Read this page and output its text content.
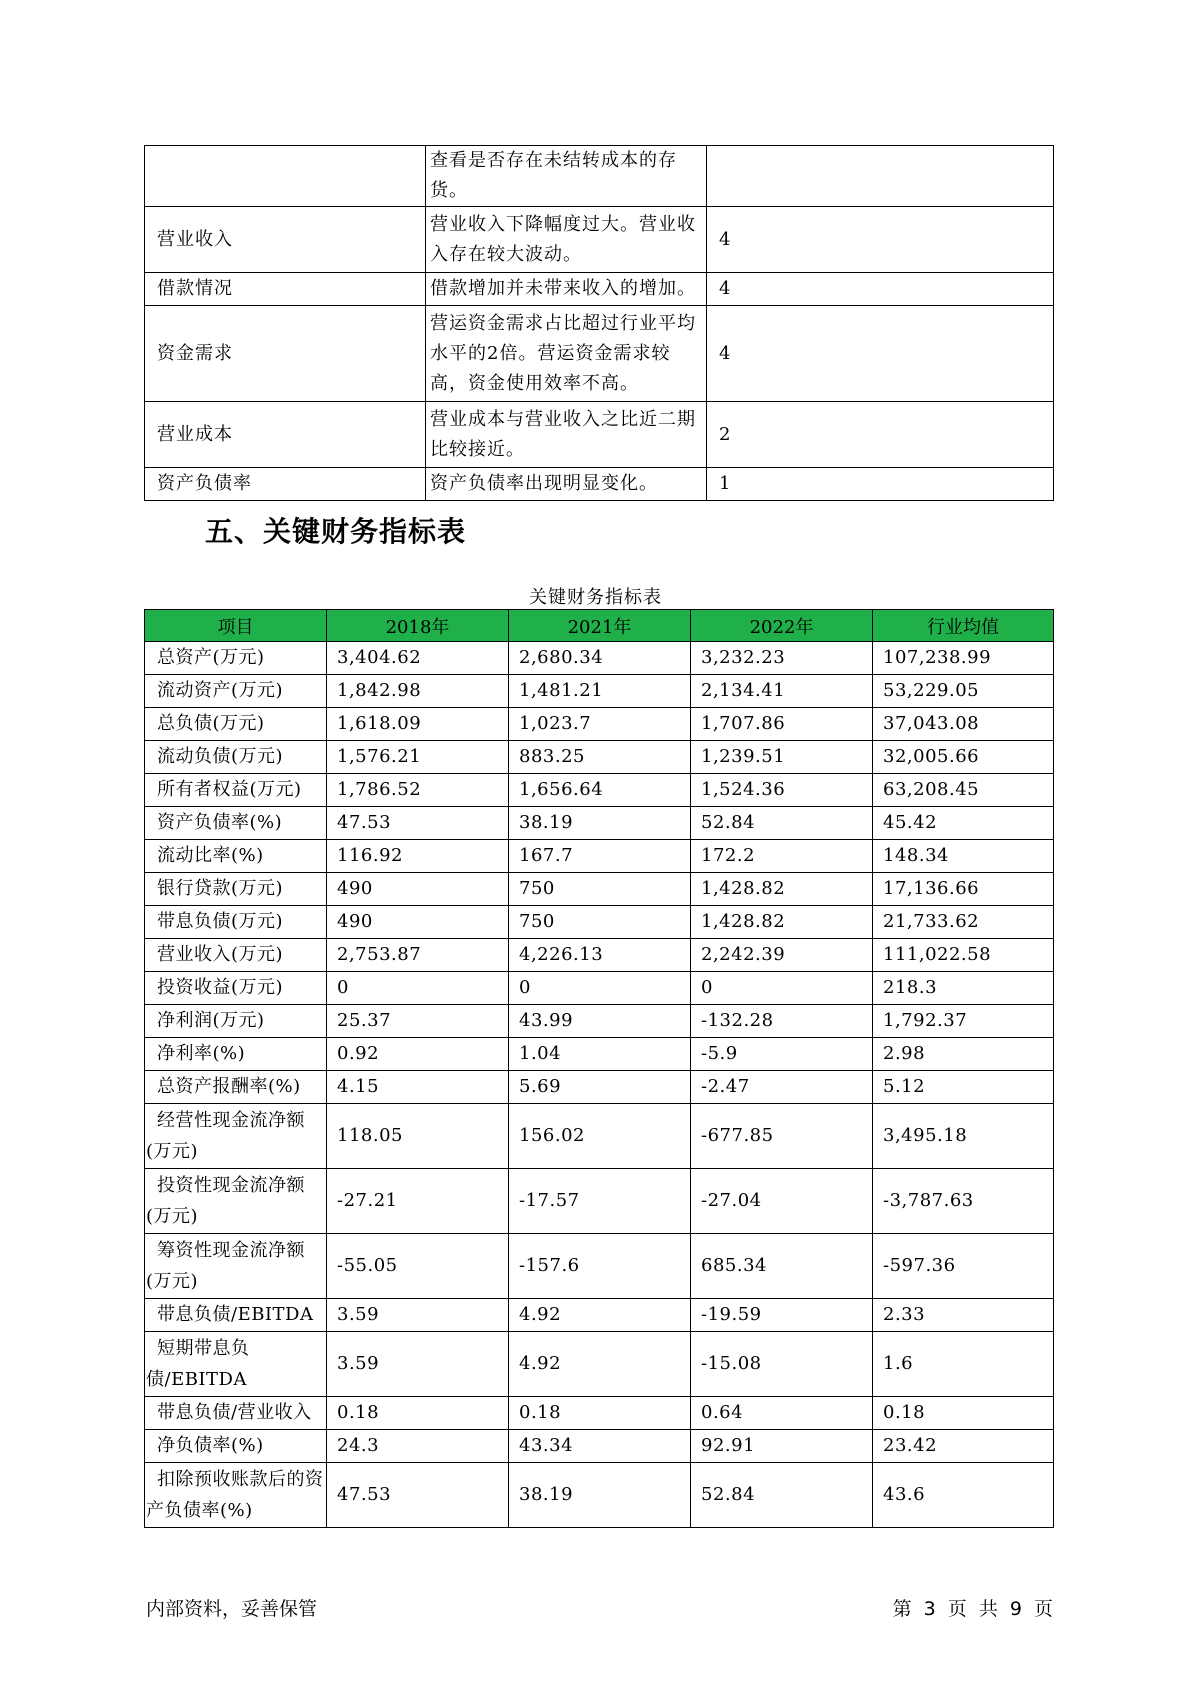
	查看是否存在未结转成本的存货。	
营业收入	营业收入下降幅度过大。营业收入存在较大波动。	4
借款情况	借款增加并未带来收入的增加。	4
资金需求	营运资金需求占比超过行业平均水平的2倍。营运资金需求较高，资金使用效率不高。	4
营业成本	营业成本与营业收入之比近二期比较接近。	2
资产负债率	资产负债率出现明显变化。	1
五、关键财务指标表
关键财务指标表
项目	2018年	2021年	2022年	行业均值
总资产(万元)	3,404.62	2,680.34	3,232.23	107,238.99
流动资产(万元)	1,842.98	1,481.21	2,134.41	53,229.05
总负债(万元)	1,618.09	1,023.7	1,707.86	37,043.08
流动负债(万元)	1,576.21	883.25	1,239.51	32,005.66
所有者权益(万元)	1,786.52	1,656.64	1,524.36	63,208.45
资产负债率(%)	47.53	38.19	52.84	45.42
流动比率(%)	116.92	167.7	172.2	148.34
银行贷款(万元)	490	750	1,428.82	17,136.66
带息负债(万元)	490	750	1,428.82	21,733.62
营业收入(万元)	2,753.87	4,226.13	2,242.39	111,022.58
投资收益(万元)	0	0	0	218.3
净利润(万元)	25.37	43.99	-132.28	1,792.37
净利率(%)	0.92	1.04	-5.9	2.98
总资产报酬率(%)	4.15	5.69	-2.47	5.12
经营性现金流净额(万元)	118.05	156.02	-677.85	3,495.18
投资性现金流净额(万元)	-27.21	-17.57	-27.04	-3,787.63
筹资性现金流净额(万元)	-55.05	-157.6	685.34	-597.36
带息负债/EBITDA	3.59	4.92	-19.59	2.33
短期带息负债/EBITDA	3.59	4.92	-15.08	1.6
带息负债/营业收入	0.18	0.18	0.64	0.18
净负债率(%)	24.3	43.34	92.91	23.42
扣除预收账款后的资产负债率(%)	47.53	38.19	52.84	43.6
内部资料，妥善保管	第 3 页 共 9 页
